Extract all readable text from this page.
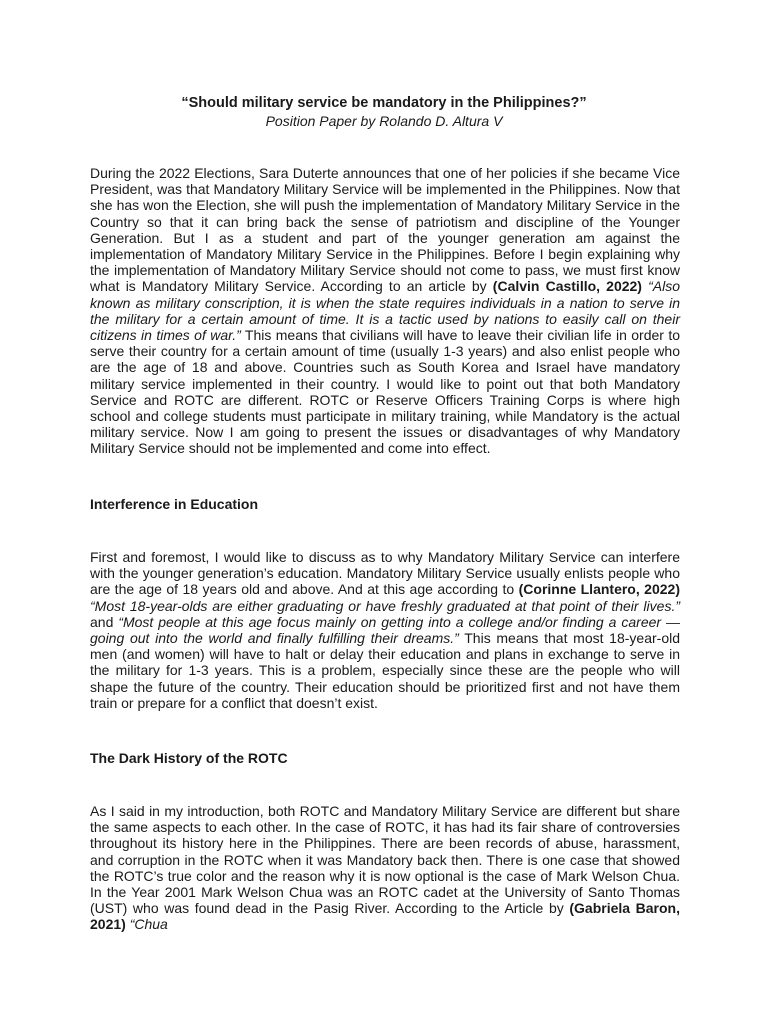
“Should military service be mandatory in the Philippines?”
Position Paper by Rolando D. Altura V

During the 2022 Elections, Sara Duterte announces that one of her policies if she became Vice President, was that Mandatory Military Service will be implemented in the Philippines. Now that she has won the Election, she will push the implementation of Mandatory Military Service in the Country so that it can bring back the sense of patriotism and discipline of the Younger Generation. But I as a student and part of the younger generation am against the implementation of Mandatory Military Service in the Philippines. Before I begin explaining why the implementation of Mandatory Military Service should not come to pass, we must first know what is Mandatory Military Service. According to an article by (Calvin Castillo, 2022) “Also known as military conscription, it is when the state requires individuals in a nation to serve in the military for a certain amount of time. It is a tactic used by nations to easily call on their citizens in times of war.” This means that civilians will have to leave their civilian life in order to serve their country for a certain amount of time (usually 1-3 years) and also enlist people who are the age of 18 and above. Countries such as South Korea and Israel have mandatory military service implemented in their country. I would like to point out that both Mandatory Service and ROTC are different. ROTC or Reserve Officers Training Corps is where high school and college students must participate in military training, while Mandatory is the actual military service. Now I am going to present the issues or disadvantages of why Mandatory Military Service should not be implemented and come into effect.

Interference in Education

First and foremost, I would like to discuss as to why Mandatory Military Service can interfere with the younger generation’s education. Mandatory Military Service usually enlists people who are the age of 18 years old and above. And at this age according to (Corinne Llantero, 2022) “Most 18-year-olds are either graduating or have freshly graduated at that point of their lives.” and “Most people at this age focus mainly on getting into a college and/or finding a career — going out into the world and finally fulfilling their dreams.” This means that most 18-year-old men (and women) will have to halt or delay their education and plans in exchange to serve in the military for 1-3 years. This is a problem, especially since these are the people who will shape the future of the country. Their education should be prioritized first and not have them train or prepare for a conflict that doesn’t exist.

The Dark History of the ROTC

As I said in my introduction, both ROTC and Mandatory Military Service are different but share the same aspects to each other. In the case of ROTC, it has had its fair share of controversies throughout its history here in the Philippines. There are been records of abuse, harassment, and corruption in the ROTC when it was Mandatory back then. There is one case that showed the ROTC’s true color and the reason why it is now optional is the case of Mark Welson Chua. In the Year 2001 Mark Welson Chua was an ROTC cadet at the University of Santo Thomas (UST) who was found dead in the Pasig River. According to the Article by (Gabriela Baron, 2021) “Chua
